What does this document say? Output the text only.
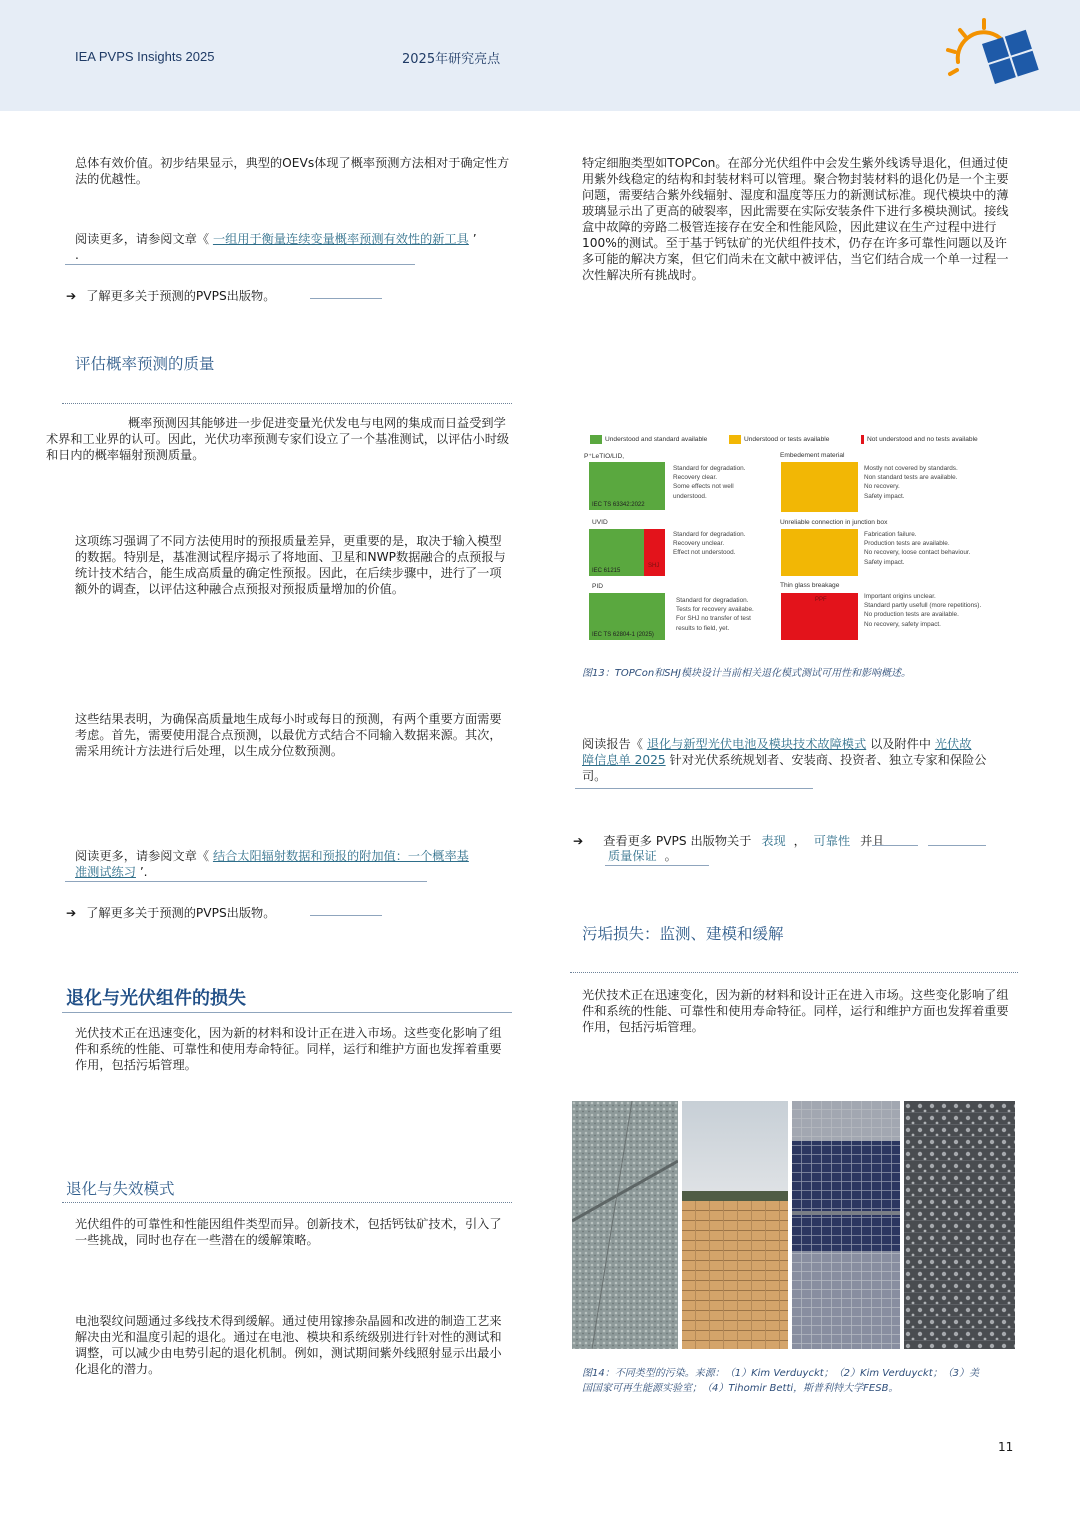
IEA PVPS Insights 2025	2025年研究亮点
总体有效价值。初步结果显示，典型的OEVs体现了概率预测方法相对于确定性方法的优越性。
阅读更多，请参阅文章《 一组用于衡量连续变量概率预测有效性的新工具 ’
.
➔ 了解更多关于预测的PVPS出版物。
评估概率预测的质量
概率预测因其能够进一步促进变量光伏发电与电网的集成而日益受到学术界和工业界的认可。因此，光伏功率预测专家们设立了一个基准测试，以评估小时级和日内的概率辐射预测质量。
这项练习强调了不同方法使用时的预报质量差异，更重要的是，取决于输入模型的数据。特别是，基准测试程序揭示了将地面、卫星和NWP数据融合的点预报与统计技术结合，能生成高质量的确定性预报。因此，在后续步骤中，进行了一项额外的调查，以评估这种融合点预报对预报质量增加的价值。
这些结果表明，为确保高质量地生成每小时或每日的预测，有两个重要方面需要考虑。首先，需要使用混合点预测，以最优方式结合不同输入数据来源。其次，需采用统计方法进行后处理，以生成分位数预测。
阅读更多，请参阅文章《 结合太阳辐射数据和预报的附加值：一个概率基
准测试练习 ’.
➔ 了解更多关于预测的PVPS出版物。
退化与光伏组件的损失
光伏技术正在迅速变化，因为新的材料和设计正在进入市场。这些变化影响了组件和系统的性能、可靠性和使用寿命特征。同样，运行和维护方面也发挥着重要作用，包括污垢管理。
退化与失效模式
光伏组件的可靠性和性能因组件类型而异。创新技术，包括钙钛矿技术，引入了一些挑战，同时也存在一些潜在的缓解策略。
电池裂纹问题通过多线技术得到缓解。通过使用镓掺杂晶圆和改进的制造工艺来解决由光和温度引起的退化。通过在电池、模块和系统级别进行针对性的测试和调整，可以减少由电势引起的退化机制。例如，测试期间紫外线照射显示出最小化退化的潜力。
特定细胞类型如TOPCon。在部分光伏组件中会发生紫外线诱导退化，但通过使用紫外线稳定的结构和封装材料可以管理。聚合物封装材料的退化仍是一个主要问题，需要结合紫外线辐射、湿度和温度等压力的新测试标准。现代模块中的薄玻璃显示出了更高的破裂率，因此需要在实际安装条件下进行多模块测试。接线盒中故障的旁路二极管连接存在安全和性能风险，因此建议在生产过程中进行100%的测试。至于基于钙钛矿的光伏组件技术，仍存在许多可靠性问题以及许多可能的解决方案，但它们尚未在文献中被评估，当它们结合成一个单一过程一次性解决所有挑战时。
Understood and standard available	Understood or tests available	Not understood and no tests available
P⁺LeTIO/LID,
IEC TS 63342:2022
Standard for degradation.
Recovery clear.
Some effects not well
understood.
Embedement material
Mostly not covered by standards.
Non standard tests are available.
No recovery.
Safety impact.
UVID
IEC 61215
SHJ
Standard for degradation.
Recovery unclear.
Effect not understood.
Unreliable connection in junction box
Fabrication failure.
Production tests are available.
No recovery, loose contact behaviour.
Safety impact.
PID
IEC TS 62804-1 (2025)
Standard for degradation.
Tests for recovery availabe.
For SHJ no transfer of test
results to field, yet.
Thin glass breakage
PPF	Important origins unclear.
Standard partly usefull (more repetitions).
No production tests are available.
No recovery, safety impact.
图13：TOPCon和SHJ模块设计当前相关退化模式测试可用性和影响概述。
阅读报告《 退化与新型光伏电池及模块技术故障模式 以及附件中 光伏故
障信息单 2025 针对光伏系统规划者、安装商、投资者、独立专家和保险公
司。
➔ 查看更多 PVPS 出版物关于 表现 ， 可靠性 并且
质量保证 。
污垢损失：监测、建模和缓解
光伏技术正在迅速变化，因为新的材料和设计正在进入市场。这些变化影响了组件和系统的性能、可靠性和使用寿命特征。同样，运行和维护方面也发挥着重要作用，包括污垢管理。
图14：不同类型的污染。来源：（1）Kim Verduyckt；（2）Kim Verduyckt；（3）美
国国家可再生能源实验室；（4）Tihomir Betti，斯普利特大学FESB。
11
